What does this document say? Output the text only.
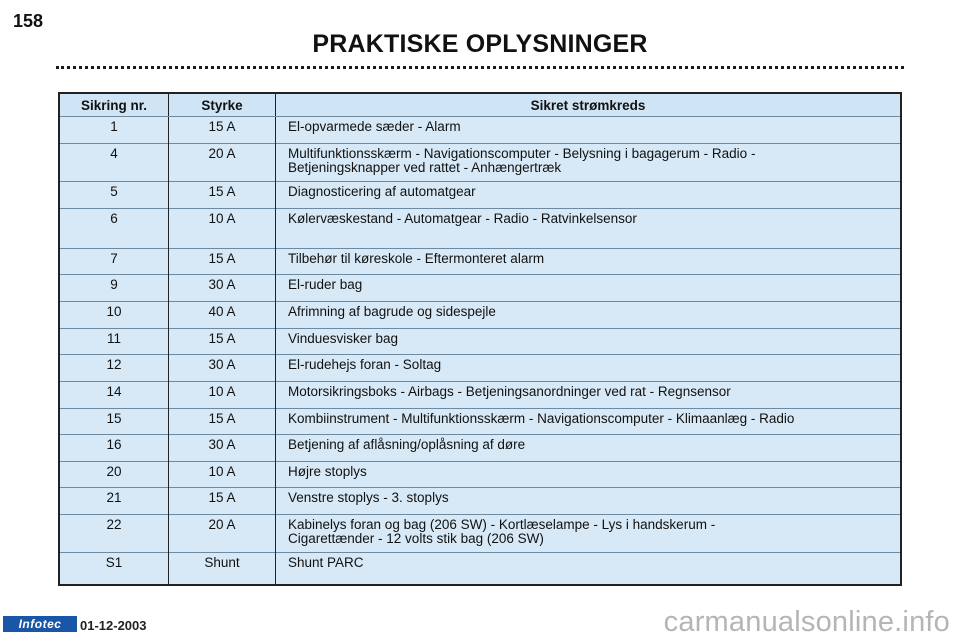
158
PRAKTISKE OPLYSNINGER
Sikring nr.	Styrke	Sikret strømkreds
1	15 A	El-opvarmede sæder - Alarm

4	20 A	Multifunktionsskærm - Navigationscomputer - Belysning i bagagerum - Radio -
Betjeningsknapper ved rattet - Anhængertræk

5	15 A	Diagnosticering af automatgear

6	10 A	Kølervæskestand - Automatgear - Radio - Ratvinkelsensor

7	15 A	Tilbehør til køreskole - Eftermonteret alarm

9	30 A	El-ruder bag

10	40 A	Afrimning af bagrude og sidespejle

11	15 A	Vinduesvisker bag

12	30 A	El-rudehejs foran - Soltag

14	10 A	Motorsikringsboks - Airbags - Betjeningsanordninger ved rat - Regnsensor

15	15 A	Kombiinstrument - Multifunktionsskærm - Navigationscomputer - Klimaanlæg - Radio

16	30 A	Betjening af aflåsning/oplåsning af døre

20	10 A	Højre stoplys

21	15 A	Venstre stoplys - 3. stoplys

22	20 A	Kabinelys foran og bag (206 SW) - Kortlæselampe - Lys i handskerum -
Cigarettænder - 12 volts stik bag (206 SW)

S1	Shunt	Shunt PARC
Infotec	01-12-2003	carmanualsonline.info
